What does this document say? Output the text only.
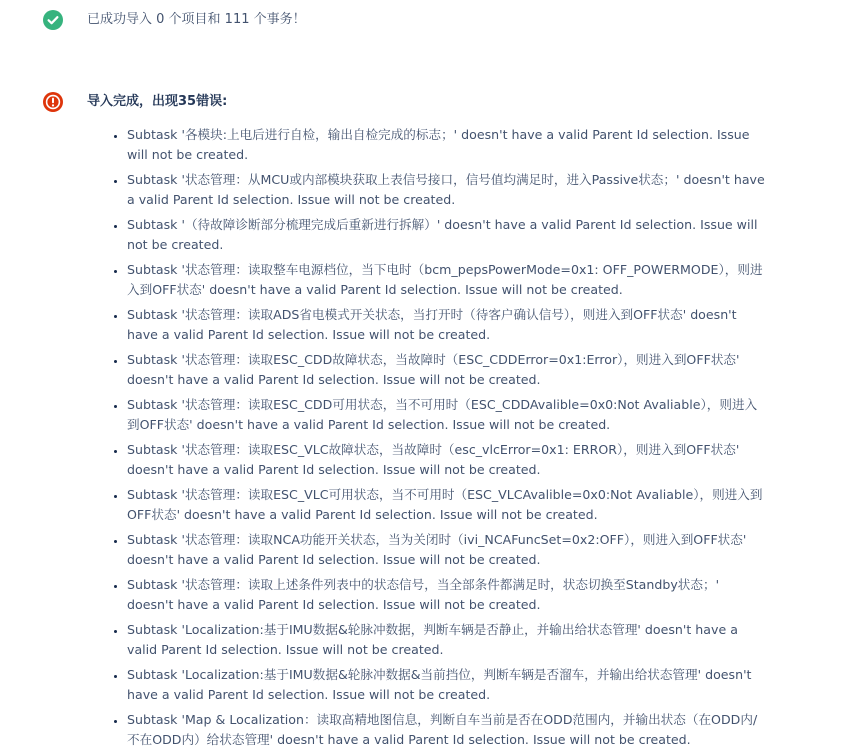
已成功导入 0 个项目和 111 个事务！

导入完成，出现35错误:

• Subtask '各模块:上电后进行自检，输出自检完成的标志；' doesn't have a valid Parent Id selection. Issue will not be created.
• Subtask '状态管理：从MCU或内部模块获取上表信号接口，信号值均满足时，进入Passive状态；' doesn't have a valid Parent Id selection. Issue will not be created.
• Subtask '（待故障诊断部分梳理完成后重新进行拆解）' doesn't have a valid Parent Id selection. Issue will not be created.
• Subtask '状态管理：读取整车电源档位，当下电时（bcm_pepsPowerMode=0x1: OFF_POWERMODE），则进入到OFF状态' doesn't have a valid Parent Id selection. Issue will not be created.
• Subtask '状态管理：读取ADS省电模式开关状态，当打开时（待客户确认信号），则进入到OFF状态' doesn't have a valid Parent Id selection. Issue will not be created.
• Subtask '状态管理：读取ESC_CDD故障状态，当故障时（ESC_CDDError=0x1:Error），则进入到OFF状态' doesn't have a valid Parent Id selection. Issue will not be created.
• Subtask '状态管理：读取ESC_CDD可用状态，当不可用时（ESC_CDDAvalible=0x0:Not Avaliable），则进入到OFF状态' doesn't have a valid Parent Id selection. Issue will not be created.
• Subtask '状态管理：读取ESC_VLC故障状态，当故障时（esc_vlcError=0x1: ERROR），则进入到OFF状态' doesn't have a valid Parent Id selection. Issue will not be created.
• Subtask '状态管理：读取ESC_VLC可用状态，当不可用时（ESC_VLCAvalible=0x0:Not Avaliable），则进入到OFF状态' doesn't have a valid Parent Id selection. Issue will not be created.
• Subtask '状态管理：读取NCA功能开关状态，当为关闭时（ivi_NCAFuncSet=0x2:OFF），则进入到OFF状态' doesn't have a valid Parent Id selection. Issue will not be created.
• Subtask '状态管理：读取上述条件列表中的状态信号，当全部条件都满足时，状态切换至Standby状态；' doesn't have a valid Parent Id selection. Issue will not be created.
• Subtask 'Localization:基于IMU数据&轮脉冲数据，判断车辆是否静止，并输出给状态管理' doesn't have a valid Parent Id selection. Issue will not be created.
• Subtask 'Localization:基于IMU数据&轮脉冲数据&当前挡位，判断车辆是否溜车，并输出给状态管理' doesn't have a valid Parent Id selection. Issue will not be created.
• Subtask 'Map & Localization：读取高精地图信息，判断自车当前是否在ODD范围内，并输出状态（在ODD内/不在ODD内）给状态管理' doesn't have a valid Parent Id selection. Issue will not be created.
